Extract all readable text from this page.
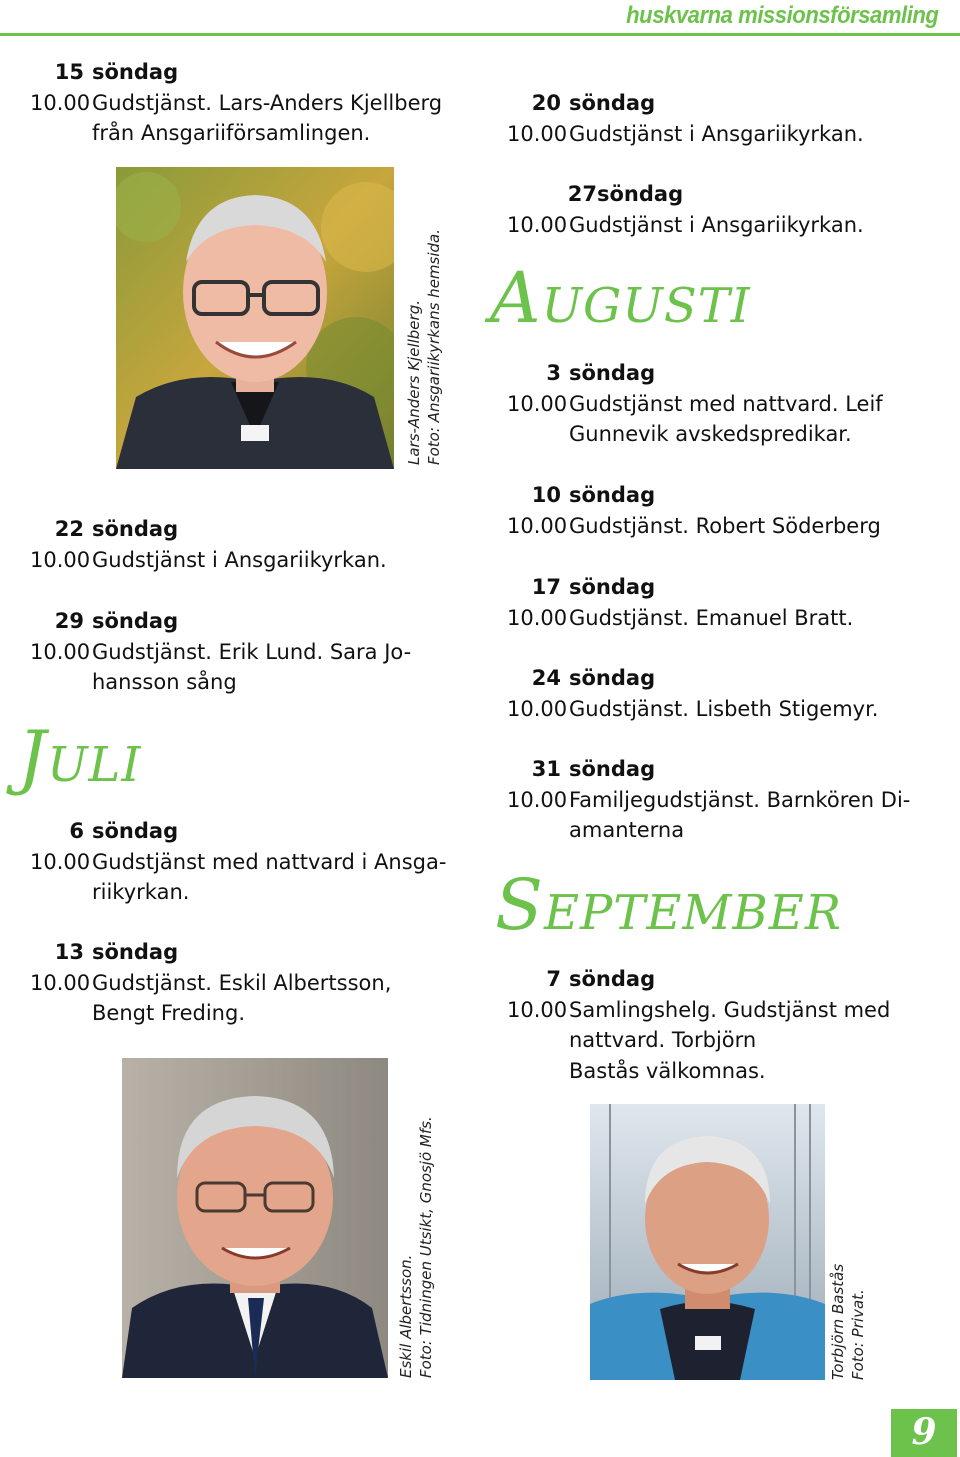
huskvarna missionsförsamling
15 söndag
10.00 Gudstjänst. Lars-Anders Kjellberg
från Ansgariiförsamlingen.
Lars-Anders Kjellberg. Foto: Ansgariikyrkans hemsida.
22 söndag
10.00 Gudstjänst i Ansgariikyrkan.
29 söndag
10.00 Gudstjänst. Erik Lund. Sara Jo-
hansson sång
JULI
6 söndag
10.00 Gudstjänst med nattvard i Ansga-
riikyrkan.
13 söndag
10.00 Gudstjänst. Eskil Albertsson,
Bengt Freding.
Eskil Albertsson. Foto: Tidningen Utsikt, Gnosjö Mfs.
20 söndag
10.00 Gudstjänst i Ansgariikyrkan.
27 söndag
10.00 Gudstjänst i Ansgariikyrkan.
AUGUSTI
3 söndag
10.00 Gudstjänst med nattvard. Leif
Gunnevik avskedspredikar.
10 söndag
10.00 Gudstjänst. Robert Söderberg
17 söndag
10.00 Gudstjänst. Emanuel Bratt.
24 söndag
10.00 Gudstjänst. Lisbeth Stigemyr.
31 söndag
10.00 Familjegudstjänst. Barnkören Di-
amanterna
SEPTEMBER
7 söndag
10.00 Samlingshelg. Gudstjänst med
nattvard. Torbjörn
Bastås välkomnas.
Torbjörn Bastås Foto: Privat.
9
